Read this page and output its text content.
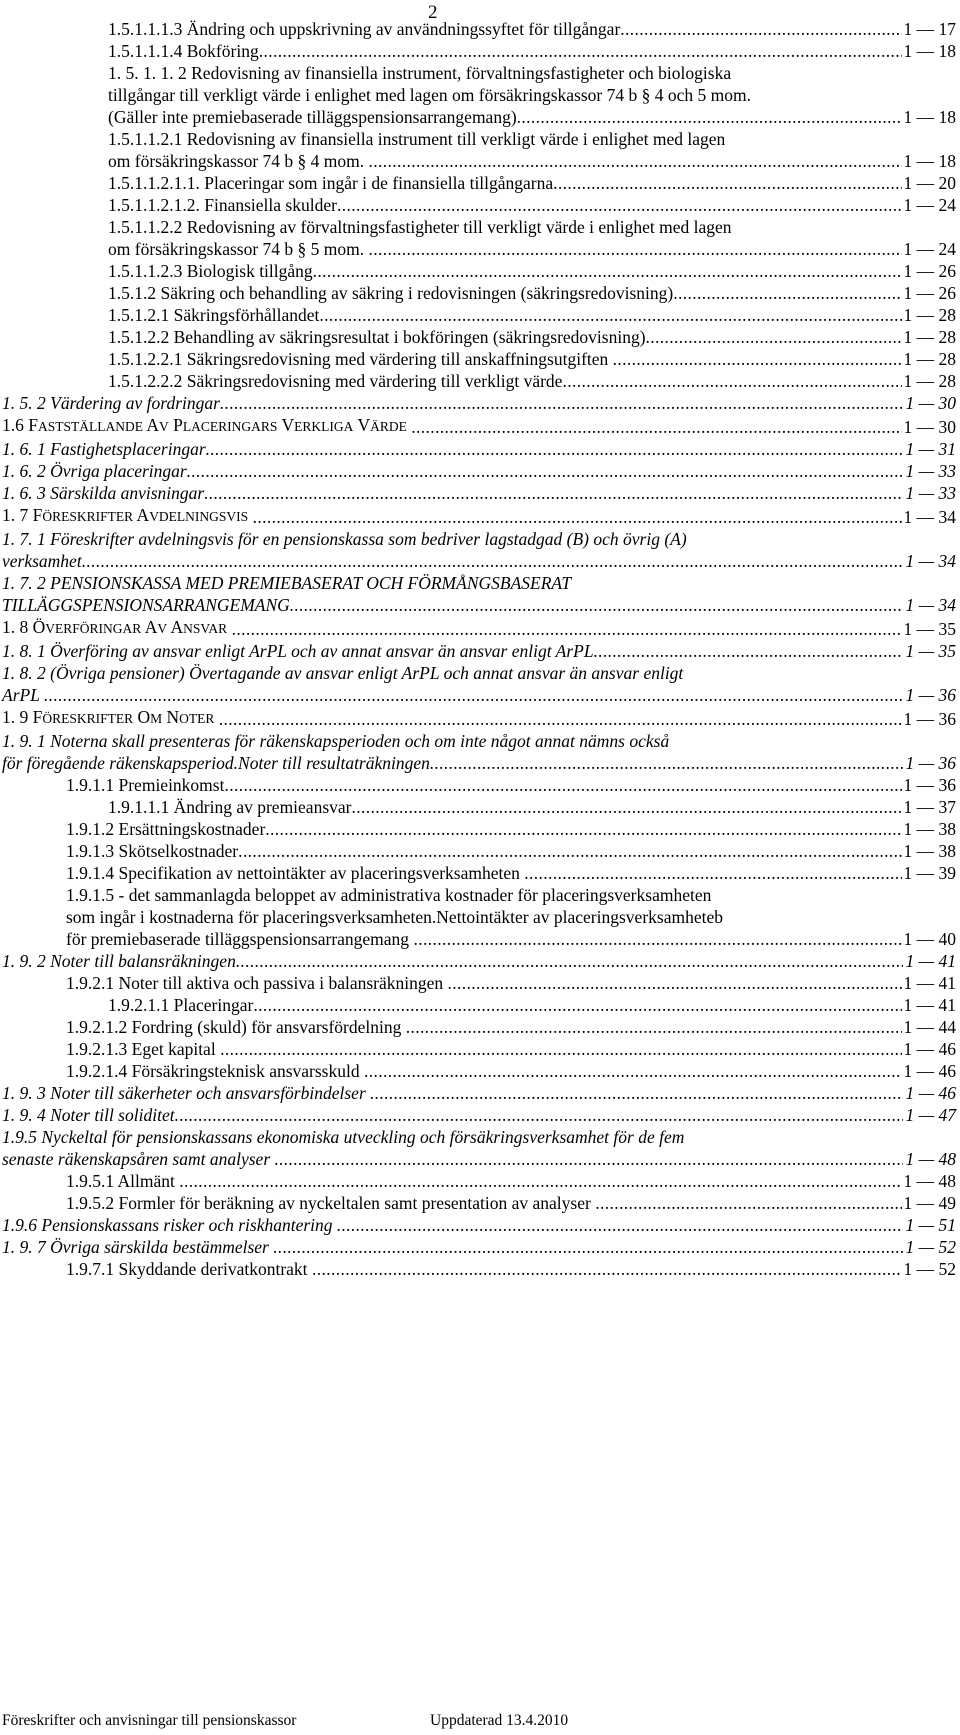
2
1.5.1.1.1.3 Ändring och uppskrivning av användningssyftet för tillgångar . . .	1 — 17
1.5.1.1.1.4 Bokföring . . .	1 — 18
1. 5. 1. 1. 2 Redovisning av finansiella instrument, förvaltningsfastigheter och biologiska
tillgångar till verkligt värde i enlighet med lagen om försäkringskassor 74 b § 4 och 5 mom.
(Gäller inte premiebaserade tilläggspensionsarrangemang) . . .	1 — 18
1.5.1.1.2.1 Redovisning av finansiella instrument till verkligt värde i enlighet med lagen
om försäkringskassor 74 b § 4 mom. . . .	1 — 18
1.5.1.1.2.1.1. Placeringar som ingår i de finansiella tillgångarna . . .	1 — 20
1.5.1.1.2.1.2. Finansiella skulder . . .	1 — 24
1.5.1.1.2.2 Redovisning av förvaltningsfastigheter till verkligt värde i enlighet med lagen
om försäkringskassor 74 b § 5 mom. . . .	1 — 24
1.5.1.1.2.3 Biologisk tillgång . . .	1 — 26
1.5.1.2 Säkring och behandling av säkring i redovisningen (säkringsredovisning) . . .	1 — 26
1.5.1.2.1 Säkringsförhållandet . . .	1 — 28
1.5.1.2.2 Behandling av säkringsresultat i bokföringen (säkringsredovisning) . . .	1 — 28
1.5.1.2.2.1 Säkringsredovisning med värdering till anskaffningsutgiften . . .	1 — 28
1.5.1.2.2.2 Säkringsredovisning med värdering till verkligt värde . . .	1 — 28
1. 5. 2 Värdering av fordringar . . .	1 — 30
1.6 FASTSTÄLLANDE AV PLACERINGARS VERKLIGA VÄRDE . . .	1 — 30
1. 6. 1 Fastighetsplaceringar . . .	1 — 31
1. 6. 2 Övriga placeringar . . .	1 — 33
1. 6. 3 Särskilda anvisningar . . .	1 — 33
1. 7 FÖRESKRIFTER AVDELNINGSVIS . . .	1 — 34
1. 7. 1 Föreskrifter avdelningsvis för en pensionskassa som bedriver lagstadgad (B) och övrig (A)
verksamhet . . .	1 — 34
1. 7. 2 PENSIONSKASSA MED PREMIEBASERAT OCH FÖRMÅNGSBASERAT
TILLÄGGSPENSIONSARRANGEMANG . . .	1 — 34
1. 8 ÖVERFÖRINGAR AV ANSVAR . . .	1 — 35
1. 8. 1 Överföring av ansvar enligt ArPL och av annat ansvar än ansvar enligt ArPL . . .	1 — 35
1. 8. 2 (Övriga pensioner) Övertagande av ansvar enligt ArPL och annat ansvar än ansvar enligt
ArPL . . .	1 — 36
1. 9 FÖRESKRIFTER OM NOTER . . .	1 — 36
1. 9. 1 Noterna skall presenteras för räkenskapsperioden och om inte något annat nämns också
för föregående räkenskapsperiod.Noter till resultaträkningen . . .	1 — 36
1.9.1.1 Premieinkomst . . .	1 — 36
1.9.1.1.1 Ändring av premieansvar . . .	1 — 37
1.9.1.2 Ersättningskostnader . . .	1 — 38
1.9.1.3 Skötselkostnader . . .	1 — 38
1.9.1.4 Specifikation av nettointäkter av placeringsverksamheten . . .	1 — 39
1.9.1.5 - det sammanlagda beloppet av administrativa kostnader för placeringsverksamheten
som ingår i kostnaderna för placeringsverksamheten.Nettointäkter av placeringsverksamheteb
för premiebaserade tilläggspensionsarrangemang . . .	1 — 40
1. 9. 2 Noter till balansräkningen . . .	1 — 41
1.9.2.1 Noter till aktiva och passiva i balansräkningen . . .	1 — 41
1.9.2.1.1 Placeringar . . .	1 — 41
1.9.2.1.2 Fordring (skuld) för ansvarsfördelning . . .	1 — 44
1.9.2.1.3 Eget kapital . . .	1 — 46
1.9.2.1.4 Försäkringsteknisk ansvarsskuld . . .	1 — 46
1. 9. 3 Noter till säkerheter och ansvarsförbindelser . . .	1 — 46
1. 9. 4 Noter till soliditet . . .	1 — 47
1.9.5 Nyckeltal för pensionskassans ekonomiska utveckling och försäkringsverksamhet för de fem
senaste räkenskapsåren samt analyser . . .	1 — 48
1.9.5.1 Allmänt . . .	1 — 48
1.9.5.2 Formler för beräkning av nyckeltalen samt presentation av analyser . . .	1 — 49
1.9.6 Pensionskassans risker och riskhantering . . .	1 — 51
1. 9. 7 Övriga särskilda bestämmelser . . .	1 — 52
1.9.7.1 Skyddande derivatkontrakt . . .	1 — 52
Föreskrifter och anvisningar till pensionskassor	Uppdaterad 13.4.2010
